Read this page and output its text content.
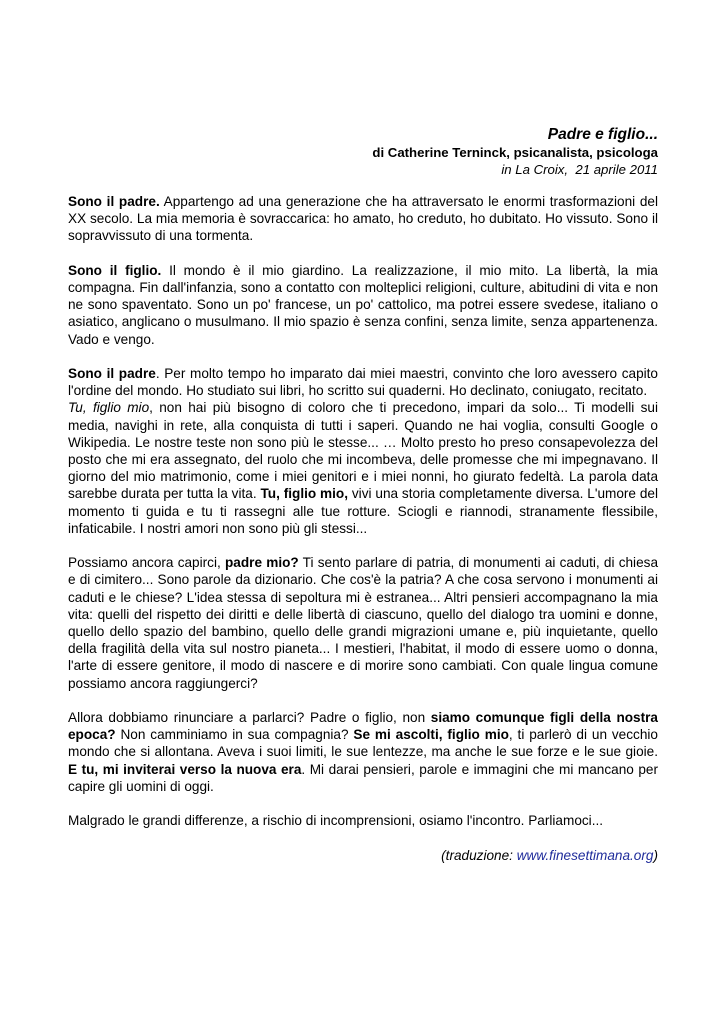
Padre e figlio...
di Catherine Terninck, psicanalista, psicologa
in La Croix,  21 aprile 2011

Sono il padre. Appartengo ad una generazione che ha attraversato le enormi trasformazioni del XX secolo. La mia memoria è sovraccarica: ho amato, ho creduto, ho dubitato. Ho vissuto. Sono il sopravvissuto di una tormenta.

Sono il figlio. Il mondo è il mio giardino. La realizzazione, il mio mito. La libertà, la mia compagna. Fin dall'infanzia, sono a contatto con molteplici religioni, culture, abitudini di vita e non ne sono spaventato. Sono un po' francese, un po' cattolico, ma potrei essere svedese, italiano o asiatico, anglicano o musulmano. Il mio spazio è senza confini, senza limite, senza appartenenza. Vado e vengo.

Sono il padre. Per molto tempo ho imparato dai miei maestri, convinto che loro avessero capito l'ordine del mondo. Ho studiato sui libri, ho scritto sui quaderni. Ho declinato, coniugato, recitato.
Tu, figlio mio, non hai più bisogno di coloro che ti precedono, impari da solo... Ti modelli sui media, navighi in rete, alla conquista di tutti i saperi. Quando ne hai voglia, consulti Google o Wikipedia. Le nostre teste non sono più le stesse... … Molto presto ho preso consapevolezza del posto che mi era assegnato, del ruolo che mi incombeva, delle promesse che mi impegnavano. Il giorno del mio matrimonio, come i miei genitori e i miei nonni, ho giurato fedeltà. La parola data sarebbe durata per tutta la vita. Tu, figlio mio, vivi una storia completamente diversa. L'umore del momento ti guida e tu ti rassegni alle tue rotture. Sciogli e riannodi, stranamente flessibile, infaticabile. I nostri amori non sono più gli stessi...

Possiamo ancora capirci, padre mio? Ti sento parlare di patria, di monumenti ai caduti, di chiesa e di cimitero... Sono parole da dizionario. Che cos'è la patria? A che cosa servono i monumenti ai caduti e le chiese? L'idea stessa di sepoltura mi è estranea... Altri pensieri accompagnano la mia vita: quelli del rispetto dei diritti e delle libertà di ciascuno, quello del dialogo tra uomini e donne, quello dello spazio del bambino, quello delle grandi migrazioni umane e, più inquietante, quello della fragilità della vita sul nostro pianeta... I mestieri, l'habitat, il modo di essere uomo o donna, l'arte di essere genitore, il modo di nascere e di morire sono cambiati. Con quale lingua comune possiamo ancora raggiungerci?

Allora dobbiamo rinunciare a parlarci? Padre o figlio, non siamo comunque figli della nostra epoca? Non camminiamo in sua compagnia? Se mi ascolti, figlio mio, ti parlerò di un vecchio mondo che si allontana. Aveva i suoi limiti, le sue lentezze, ma anche le sue forze e le sue gioie. E tu, mi inviterai verso la nuova era. Mi darai pensieri, parole e immagini che mi mancano per capire gli uomini di oggi.

Malgrado le grandi differenze, a rischio di incomprensioni, osiamo l'incontro. Parliamoci...

(traduzione: www.finesettimana.org)
